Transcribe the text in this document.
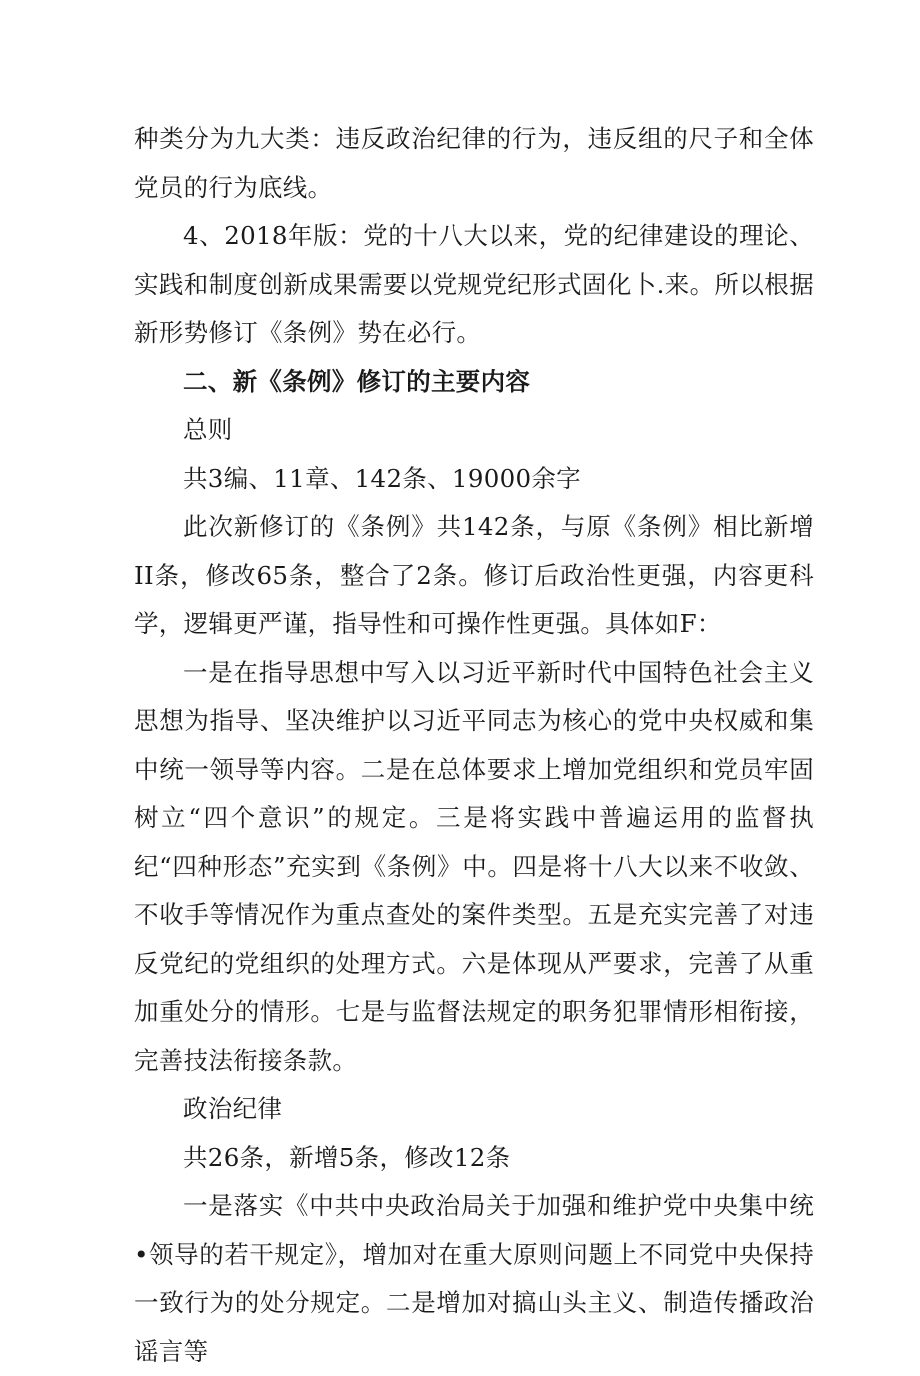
种类分为九大类：违反政治纪律的行为，违反组的尺子和全体党员的行为底线。

4、2018年版：党的十八大以来，党的纪律建设的理论、实践和制度创新成果需要以党规党纪形式固化卜.来。所以根据新形势修订《条例》势在必行。

二、新《条例》修订的主要内容

总则

共3编、11章、142条、19000余字

此次新修订的《条例》共142条，与原《条例》相比新增II条，修改65条，整合了2条。修订后政治性更强，内容更科学，逻辑更严谨，指导性和可操作性更强。具体如F：

一是在指导思想中写入以习近平新时代中国特色社会主义思想为指导、坚决维护以习近平同志为核心的党中央权威和集中统一领导等内容。二是在总体要求上增加党组织和党员牢固树立“四个意识”的规定。三是将实践中普遍运用的监督执纪“四种形态”充实到《条例》中。四是将十八大以来不收敛、不收手等情况作为重点查处的案件类型。五是充实完善了对违反党纪的党组织的处理方式。六是体现从严要求，完善了从重加重处分的情形。七是与监督法规定的职务犯罪情形相衔接，完善技法衔接条款。

政治纪律

共26条，新增5条，修改12条

一是落实《中共中央政治局关于加强和维护党中央集中统•领导的若干规定》，增加对在重大原则问题上不同党中央保持一致行为的处分规定。二是增加对搞山头主义、制造传播政治谣言等
